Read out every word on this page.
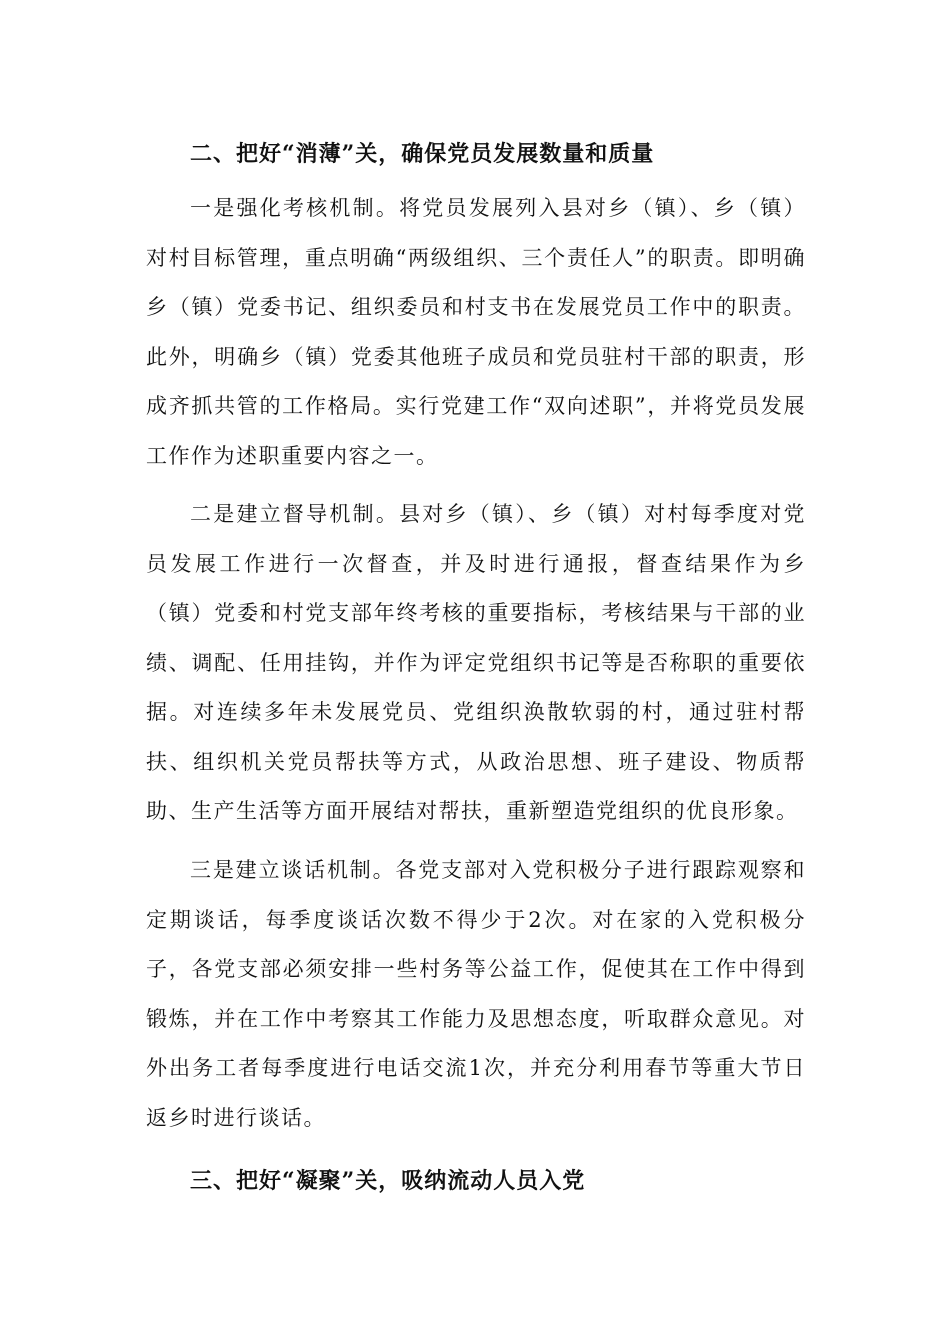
二、把好“消薄”关，确保党员发展数量和质量

一是强化考核机制。将党员发展列入县对乡（镇）、乡（镇）对村目标管理，重点明确“两级组织、三个责任人”的职责。即明确乡（镇）党委书记、组织委员和村支书在发展党员工作中的职责。此外，明确乡（镇）党委其他班子成员和党员驻村干部的职责，形成齐抓共管的工作格局。实行党建工作“双向述职”，并将党员发展工作作为述职重要内容之一。

二是建立督导机制。县对乡（镇）、乡（镇）对村每季度对党员发展工作进行一次督查，并及时进行通报，督查结果作为乡（镇）党委和村党支部年终考核的重要指标，考核结果与干部的业绩、调配、任用挂钩，并作为评定党组织书记等是否称职的重要依据。对连续多年未发展党员、党组织涣散软弱的村，通过驻村帮扶、组织机关党员帮扶等方式，从政治思想、班子建设、物质帮助、生产生活等方面开展结对帮扶，重新塑造党组织的优良形象。

三是建立谈话机制。各党支部对入党积极分子进行跟踪观察和定期谈话，每季度谈话次数不得少于2次。对在家的入党积极分子，各党支部必须安排一些村务等公益工作，促使其在工作中得到锻炼，并在工作中考察其工作能力及思想态度，听取群众意见。对外出务工者每季度进行电话交流1次，并充分利用春节等重大节日返乡时进行谈话。

三、把好“凝聚”关，吸纳流动人员入党
